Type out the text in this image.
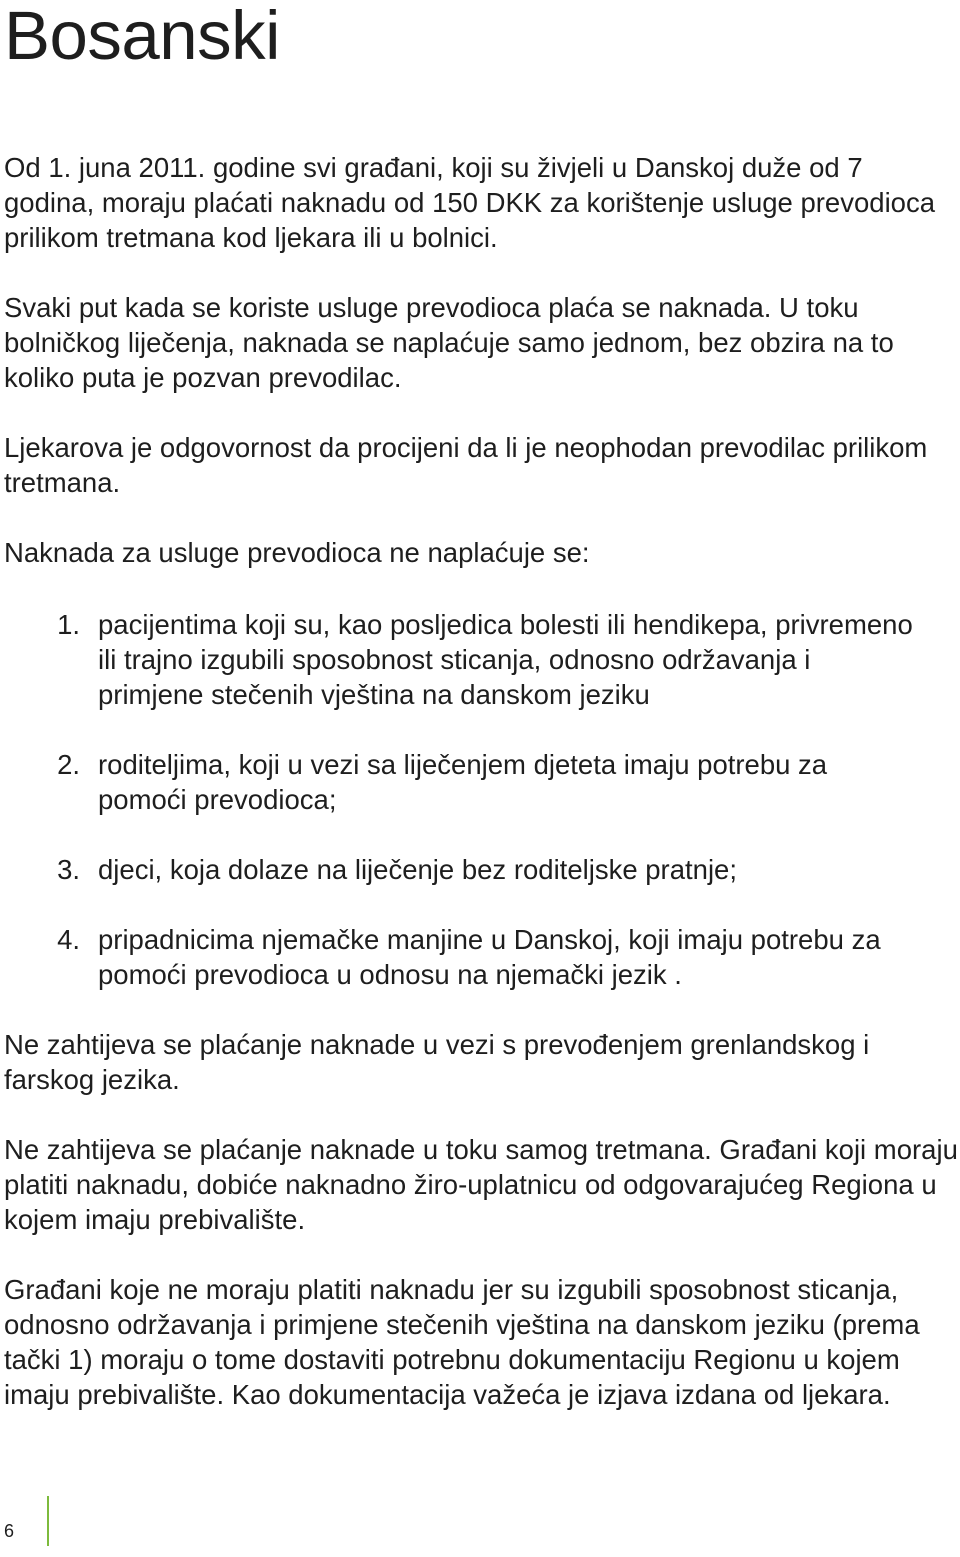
Bosanski

Od 1. juna 2011. godine svi građani, koji su živjeli u Danskoj duže od 7 godina, moraju plaćati naknadu od 150 DKK za korištenje usluge prevodioca prilikom tretmana kod ljekara ili u bolnici.

Svaki put kada se koriste usluge prevodioca plaća se naknada. U toku bolničkog liječenja, naknada se naplaćuje samo jednom, bez obzira na to koliko puta je pozvan prevodilac.

Ljekarova je odgovornost da procijeni da li je neophodan prevodilac prilikom tretmana.

Naknada za usluge prevodioca ne naplaćuje se:

1. pacijentima koji su, kao posljedica bolesti ili hendikepa, privremeno ili trajno izgubili sposobnost sticanja, odnosno održavanja i primjene stečenih vještina na danskom jeziku
2. roditeljima, koji u vezi sa liječenjem djeteta imaju potrebu za pomoći prevodioca;
3. djeci, koja dolaze na liječenje bez roditeljske pratnje;
4. pripadnicima njemačke manjine u Danskoj, koji imaju potrebu za pomoći prevodioca u odnosu na njemački jezik .

Ne zahtijeva se plaćanje naknade u vezi s prevođenjem grenlandskog i farskog jezika.

Ne zahtijeva se plaćanje naknade u toku samog tretmana. Građani koji moraju platiti naknadu, dobiće naknadno žiro-uplatnicu od odgovarajućeg Regiona u kojem imaju prebivalište.

Građani koje ne moraju platiti naknadu jer su izgubili sposobnost sticanja, odnosno održavanja i primjene stečenih vještina na danskom jeziku (prema tački 1) moraju o tome dostaviti potrebnu dokumentaciju Regionu u kojem imaju prebivalište. Kao dokumentacija važeća je izjava izdana od ljekara.

6
